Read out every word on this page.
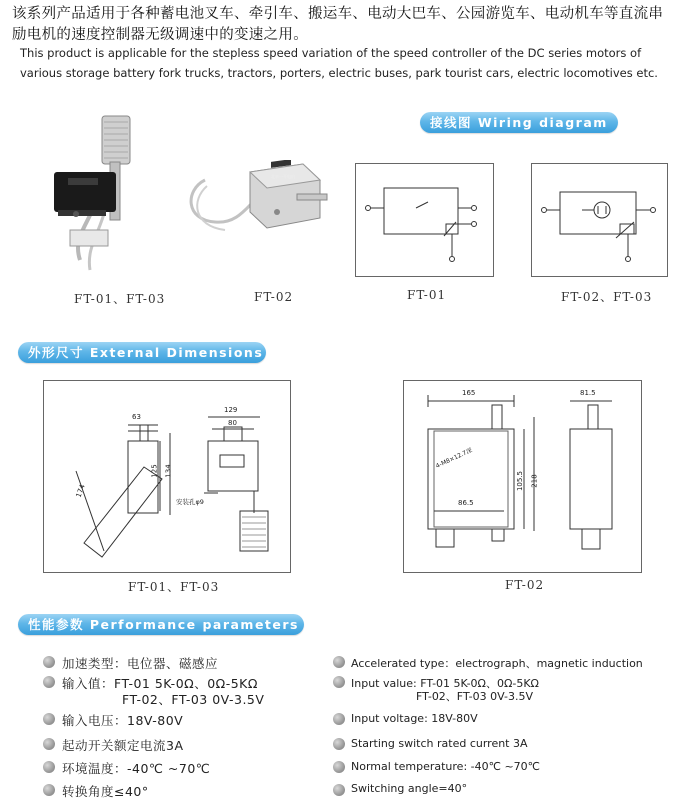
该系列产品适用于各种蓄电池叉车、牵引车、搬运车、电动大巴车、公园游览车、电动机车等直流串励电机的速度控制器无级调速中的变速之用。
This product is applicable for the stepless speed variation of the speed controller of the DC series motors of various storage battery fork trucks, tractors, porters, electric buses, park tourist cars, electric locomotives etc.
北京一开电机
FT-01、FT-03	FT-02
接线图 Wiring diagram
FT-01	FT-02、FT-03
外形尺寸 External Dimensions
63
125 134
174
129
80
安装孔φ9
165
86.5
105.5 218
81.5
4-M8×12.7深
FT-01、FT-03	FT-02
性能参数 Performance parameters
加速类型：电位器、磁感应
输入值：FT-01 5K-0Ω、0Ω-5KΩ
FT-02、FT-03 0V-3.5V
输入电压：18V-80V
起动开关额定电流3A
环境温度：-40℃ ~70℃
转换角度≤40°
Accelerated type：electrograph、magnetic induction
Input value: FT-01 5K-0Ω、0Ω-5KΩ
FT-02、FT-03 0V-3.5V
Input voltage: 18V-80V
Starting switch rated current 3A
Normal temperature: -40℃ ~70℃
Switching angle=40°
